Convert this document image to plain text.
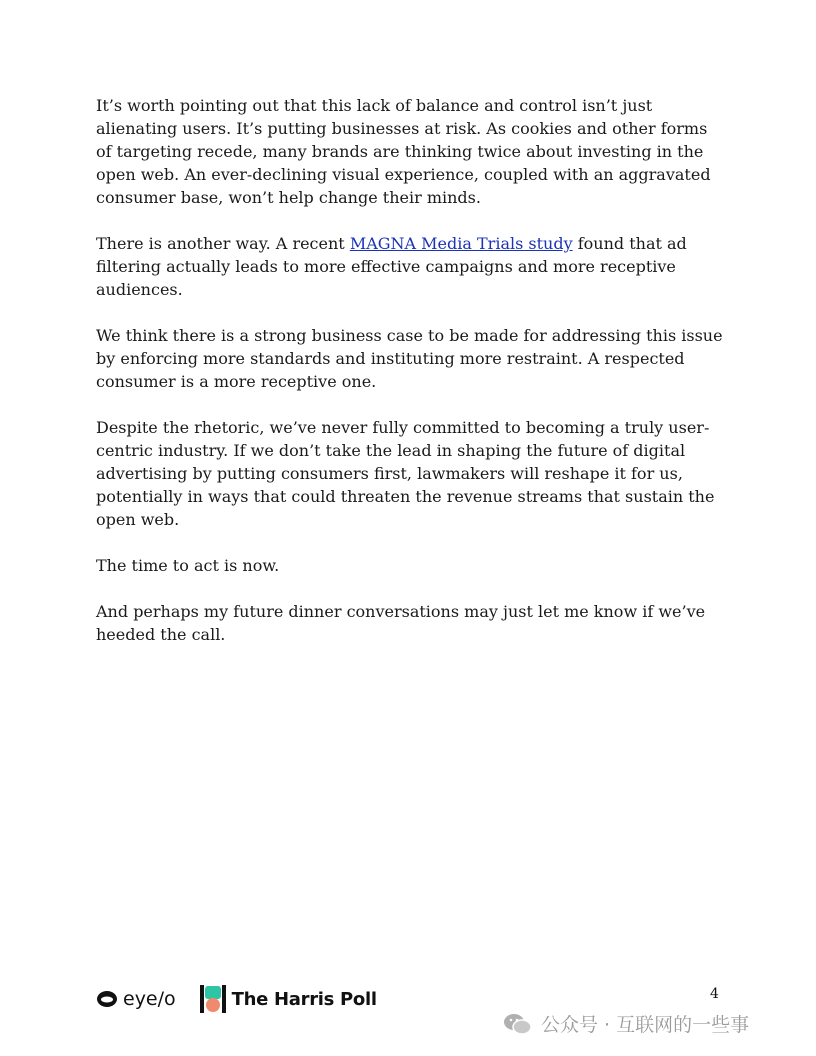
It’s worth pointing out that this lack of balance and control isn’t just alienating users. It’s putting businesses at risk. As cookies and other forms of targeting recede, many brands are thinking twice about investing in the open web. An ever-declining visual experience, coupled with an aggravated consumer base, won’t help change their minds.

There is another way. A recent MAGNA Media Trials study found that ad filtering actually leads to more effective campaigns and more receptive audiences.

We think there is a strong business case to be made for addressing this issue by enforcing more standards and instituting more restraint. A respected consumer is a more receptive one.

Despite the rhetoric, we’ve never fully committed to becoming a truly user-centric industry. If we don’t take the lead in shaping the future of digital advertising by putting consumers first, lawmakers will reshape it for us, potentially in ways that could threaten the revenue streams that sustain the open web.

The time to act is now.

And perhaps my future dinner conversations may just let me know if we’ve heeded the call.

eye/o	The Harris Poll	4
公众号 · 互联网的一些事
